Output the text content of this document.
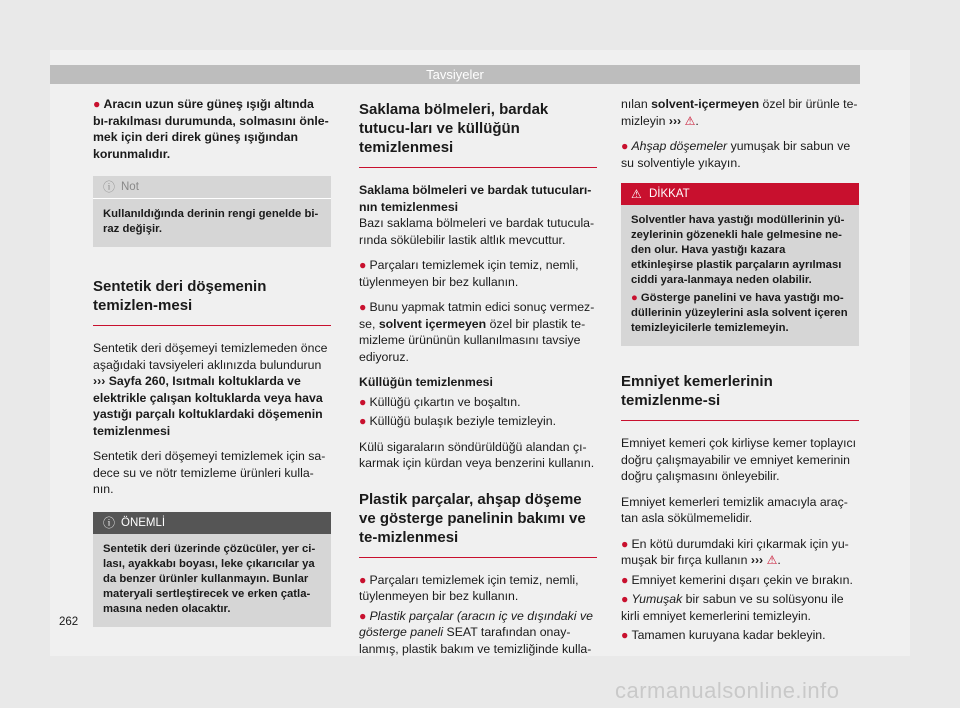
Tavsiyeler

● Aracın uzun süre güneş ışığı altında bı-rakılması durumunda, solmasını önle-mek için deri direk güneş ışığından korunmalıdır.

ⓘ Not
Kullanıldığında derinin rengi genelde bi-raz değişir.
Sentetik deri döşemenin temizlen-mesi

Sentetik deri döşemeyi temizlemeden önce aşağıdaki tavsiyeleri aklınızda bulundurun
››› Sayfa 260, Isıtmalı koltuklarda ve elektrikle çalışan koltuklarda veya hava yastığı parçalı koltuklardaki döşemenin temizlenmesi

Sentetik deri döşemeyi temizlemek için sa-dece su ve nötr temizleme ürünleri kulla-nın.

ⓘ ÖNEMLİ
Sentetik deri üzerinde çözücüler, yer ci-lası, ayakkabı boyası, leke çıkarıcılar ya da benzer ürünler kullanmayın. Bunlar materyali sertleştirecek ve erken çatla-masına neden olacaktır.
Saklama bölmeleri, bardak tutucu-ları ve küllüğün temizlenmesi

Saklama bölmeleri ve bardak tutucuları-nın temizlenmesi
Bazı saklama bölmeleri ve bardak tutucula-rında sökülebilir lastik altlık mevcuttur.

● Parçaları temizlemek için temiz, nemli, tüylenmeyen bir bez kullanın.

● Bunu yapmak tatmin edici sonuç vermez-se, solvent içermeyen özel bir plastik te-mizleme ürününün kullanılmasını tavsiye ediyoruz.

Küllüğün temizlenmesi

● Küllüğü çıkartın ve boşaltın.

● Küllüğü bulaşık beziyle temizleyin.

Külü sigaraların söndürüldüğü alandan çı-karmak için kürdan veya benzerini kullanın.

Plastik parçalar, ahşap döşeme ve gösterge panelinin bakımı ve te-mizlenmesi

● Parçaları temizlemek için temiz, nemli, tüylenmeyen bir bez kullanın.

● Plastik parçalar (aracın iç ve dışındaki ve gösterge paneli SEAT tarafından onay-lanmış, plastik bakım ve temizliğinde kulla-

nılan solvent-içermeyen özel bir ürünle te-mizleyin ››› ⚠.

● Ahşap döşemeler yumuşak bir sabun ve su solventiyle yıkayın.

⚠ DİKKAT
Solventler hava yastığı modüllerinin yü-zeylerinin gözenekli hale gelmesine ne-den olur. Hava yastığı kazara etkinleşirse plastik parçaların ayrılması ciddi yara-lanmaya neden olabilir.
● Gösterge panelini ve hava yastığı mo-düllerinin yüzeylerini asla solvent içeren temizleyicilerle temizlemeyin.
Emniyet kemerlerinin temizlenme-si

Emniyet kemeri çok kirliyse kemer toplayıcı doğru çalışmayabilir ve emniyet kemerinin doğru çalışmasını önleyebilir.

Emniyet kemerleri temizlik amacıyla araç-tan asla sökülmemelidir.

● En kötü durumdaki kiri çıkarmak için yu-muşak bir fırça kullanın ››› ⚠.

● Emniyet kemerini dışarı çekin ve bırakın.

● Yumuşak bir sabun ve su solüsyonu ile kirli emniyet kemerlerini temizleyin.

● Tamamen kuruyana kadar bekleyin.

262
carmanualsonline.info
